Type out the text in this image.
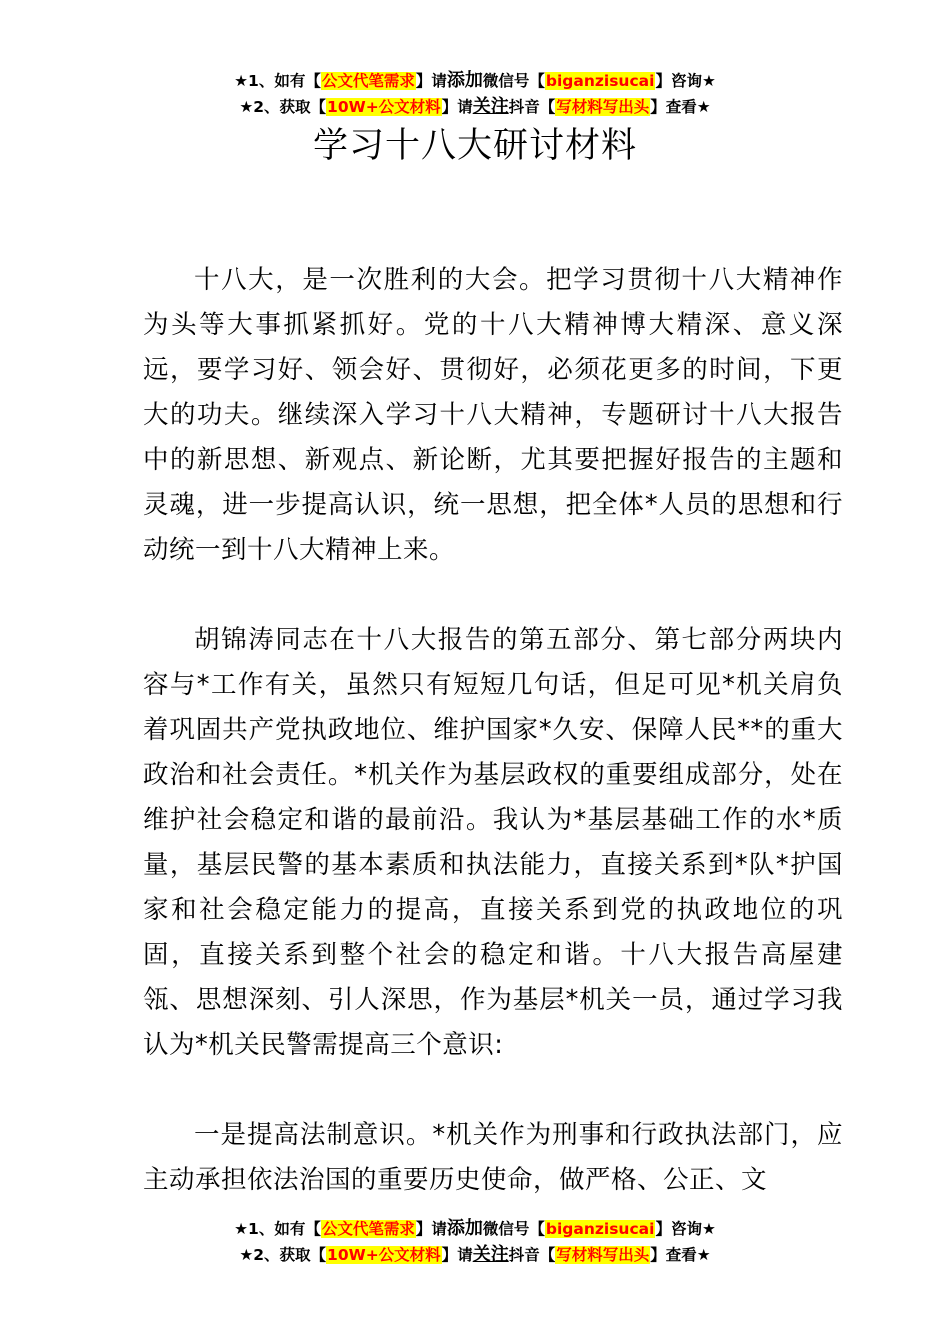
★1、如有【公文代笔需求】请添加微信号【biganzisucai】咨询★
★2、获取【10W+公文材料】请关注抖音【写材料写出头】查看★
学习十八大研讨材料

十八大，是一次胜利的大会。把学习贯彻十八大精神作为头等大事抓紧抓好。党的十八大精神博大精深、意义深远，要学习好、领会好、贯彻好，必须花更多的时间，下更大的功夫。继续深入学习十八大精神，专题研讨十八大报告中的新思想、新观点、新论断，尤其要把握好报告的主题和灵魂，进一步提高认识，统一思想，把全体*人员的思想和行动统一到十八大精神上来。

胡锦涛同志在十八大报告的第五部分、第七部分两块内容与*工作有关，虽然只有短短几句话，但足可见*机关肩负着巩固共产党执政地位、维护国家*久安、保障人民**的重大政治和社会责任。*机关作为基层政权的重要组成部分，处在维护社会稳定和谐的最前沿。我认为*基层基础工作的水*质量，基层民警的基本素质和执法能力，直接关系到*队*护国家和社会稳定能力的提高，直接关系到党的执政地位的巩固，直接关系到整个社会的稳定和谐。十八大报告高屋建瓴、思想深刻、引人深思，作为基层*机关一员，通过学习我认为*机关民警需提高三个意识:

一是提高法制意识。*机关作为刑事和行政执法部门，应主动承担依法治国的重要历史使命，做严格、公正、文

★1、如有【公文代笔需求】请添加微信号【biganzisucai】咨询★
★2、获取【10W+公文材料】请关注抖音【写材料写出头】查看★
